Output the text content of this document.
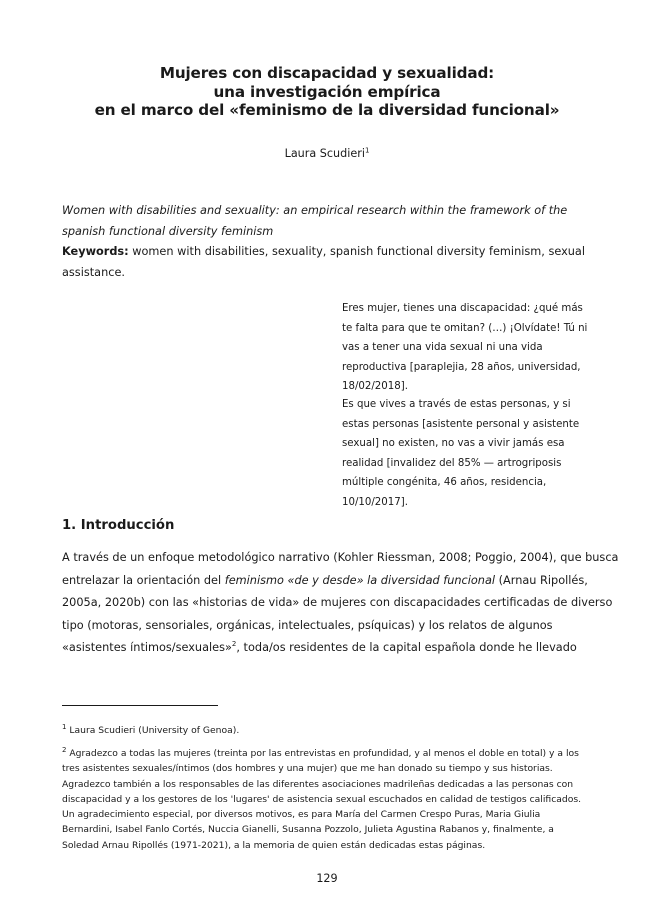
Mujeres con discapacidad y sexualidad:
una investigación empírica
en el marco del «feminismo de la diversidad funcional»
Laura Scudieri$^1$
Women with disabilities and sexuality: an empirical research within the framework of the spanish functional diversity feminism
Keywords: women with disabilities, sexuality, spanish functional diversity feminism, sexual assistance.
Eres mujer, tienes una discapacidad: ¿qué más te falta para que te omitan? (…) ¡Olvídate! Tú ni vas a tener una vida sexual ni una vida reproductiva [paraplejia, 28 años, universidad, 18/02/2018].
Es que vives a través de estas personas, y si estas personas [asistente personal y asistente sexual] no existen, no vas a vivir jamás esa realidad [invalidez del 85% — artrogriposis múltiple congénita, 46 años, residencia, 10/10/2017].
1. Introducción
A través de un enfoque metodológico narrativo (Kohler Riessman, 2008; Poggio, 2004), que busca
entrelazar la orientación del feminismo «de y desde» la diversidad funcional (Arnau Ripollés,
2005a, 2020b) con las «historias de vida» de mujeres con discapacidades certificadas de diverso
tipo (motoras, sensoriales, orgánicas, intelectuales, psíquicas) y los relatos de algunos
«asistentes íntimos/sexuales»$^2$, toda/os residentes de la capital española donde he llevado
$^1$ Laura Scudieri (University of Genoa).
$^2$ Agradezco a todas las mujeres (treinta por las entrevistas en profundidad, y al menos el doble en total) y a los
tres asistentes sexuales/íntimos (dos hombres y una mujer) que me han donado su tiempo y sus historias.
Agradezco también a los responsables de las diferentes asociaciones madrileñas dedicadas a las personas con
discapacidad y a los gestores de los 'lugares' de asistencia sexual escuchados en calidad de testigos calificados.
Un agradecimiento especial, por diversos motivos, es para María del Carmen Crespo Puras, Maria Giulia
Bernardini, Isabel Fanlo Cortés, Nuccia Gianelli, Susanna Pozzolo, Julieta Agustina Rabanos y, finalmente, a
Soledad Arnau Ripollés (1971-2021), a la memoria de quien están dedicadas estas páginas.
129
